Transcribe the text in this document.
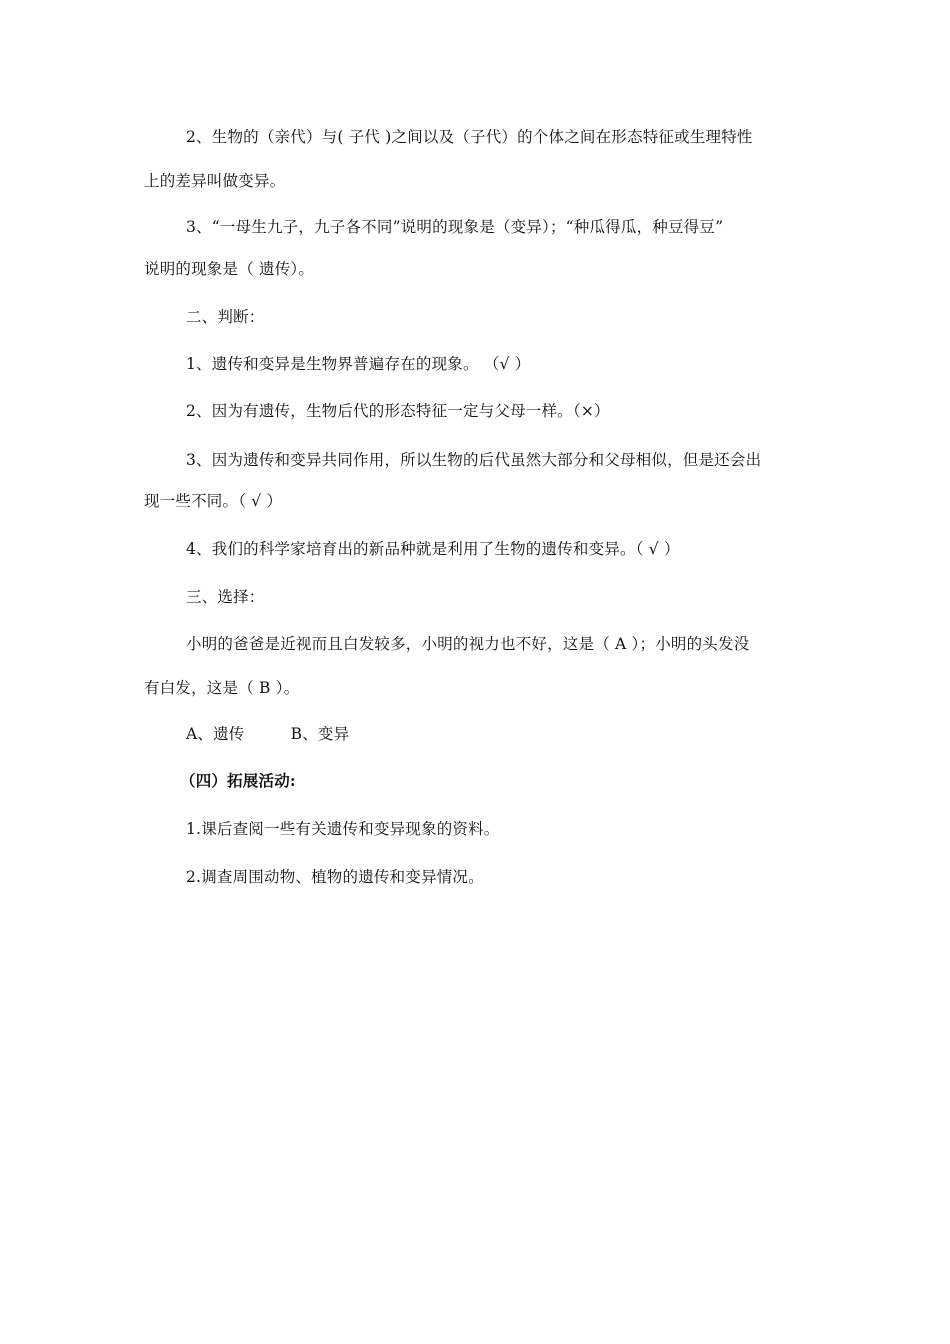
2、生物的（亲代）与( 子代 )之间以及（子代）的个体之间在形态特征或生理特性
上的差异叫做变异。
3、“一母生九子，九子各不同”说明的现象是（变异）；“种瓜得瓜，种豆得豆”
说明的现象是（ 遗传）。
二、判断：
1、遗传和变异是生物界普遍存在的现象。 （√ ）
2、因为有遗传，生物后代的形态特征一定与父母一样。（×）
3、因为遗传和变异共同作用，所以生物的后代虽然大部分和父母相似，但是还会出
现一些不同。（ √ ）
4、我们的科学家培育出的新品种就是利用了生物的遗传和变异。（ √ ）
三、选择：
小明的爸爸是近视而且白发较多，小明的视力也不好，这是（ A ）；小明的头发没
有白发，这是（ B ）。
A、遗传         B、变异
（四）拓展活动:
1.课后查阅一些有关遗传和变异现象的资料。
2.调查周围动物、植物的遗传和变异情况。
